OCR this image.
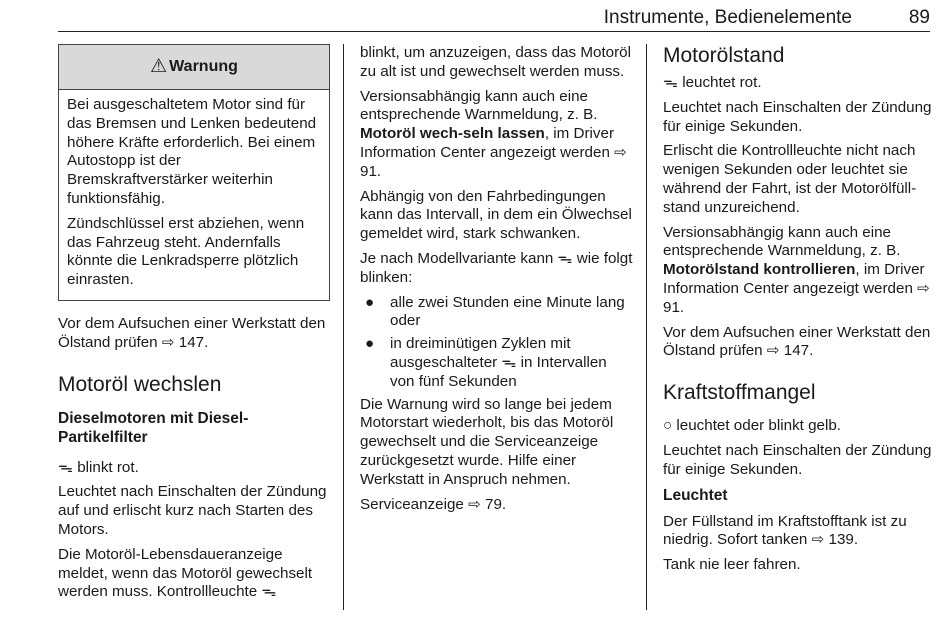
Instrumente, Bedienelemente	89
⚠ Warnung

Bei ausgeschaltetem Motor sind für das Bremsen und Lenken bedeutend höhere Kräfte erforderlich. Bei einem Autostopp ist der Bremskraftverstärker weiterhin funktionsfähig.

Zündschlüssel erst abziehen, wenn das Fahrzeug steht. Andernfalls könnte die Lenkradsperre plötzlich einrasten.

Vor dem Aufsuchen einer Werkstatt den Ölstand prüfen ⇨ 147.

Motoröl wechslen
Dieselmotoren mit Diesel-Partikelfilter

ᯓ blinkt rot.

Leuchtet nach Einschalten der Zündung auf und erlischt kurz nach Starten des Motors.

Die Motoröl-Lebensdaueranzeige meldet, wenn das Motoröl gewechselt werden muss. Kontrollleuchte ᯓ

blinkt, um anzuzeigen, dass das Motoröl zu alt ist und gewechselt werden muss.

Versionsabhängig kann auch eine entsprechende Warnmeldung, z. B. Motoröl wech-seln lassen, im Driver Information Center angezeigt werden ⇨ 91.

Abhängig von den Fahrbedingungen kann das Intervall, in dem ein Ölwechsel gemeldet wird, stark schwanken.

Je nach Modellvariante kann ᯓ wie folgt blinken:

● alle zwei Stunden eine Minute lang oder
● in dreiminütigen Zyklen mit ausgeschalteter ᯓ in Intervallen von fünf Sekunden

Die Warnung wird so lange bei jedem Motorstart wiederholt, bis das Motoröl gewechselt und die Serviceanzeige zurückgesetzt wurde. Hilfe einer Werkstatt in Anspruch nehmen.

Serviceanzeige ⇨ 79.

Motorölstand

ᯓ leuchtet rot.

Leuchtet nach Einschalten der Zündung für einige Sekunden.

Erlischt die Kontrollleuchte nicht nach wenigen Sekunden oder leuchtet sie während der Fahrt, ist der Motorölfüllstand unzureichend.

Versionsabhängig kann auch eine entsprechende Warnmeldung, z. B. Motorölstand kontrollieren, im Driver Information Center angezeigt werden ⇨ 91.

Vor dem Aufsuchen einer Werkstatt den Ölstand prüfen ⇨ 147.

Kraftstoffmangel

○ leuchtet oder blinkt gelb.

Leuchtet nach Einschalten der Zündung für einige Sekunden.

Leuchtet

Der Füllstand im Kraftstofftank ist zu niedrig. Sofort tanken ⇨ 139.

Tank nie leer fahren.
